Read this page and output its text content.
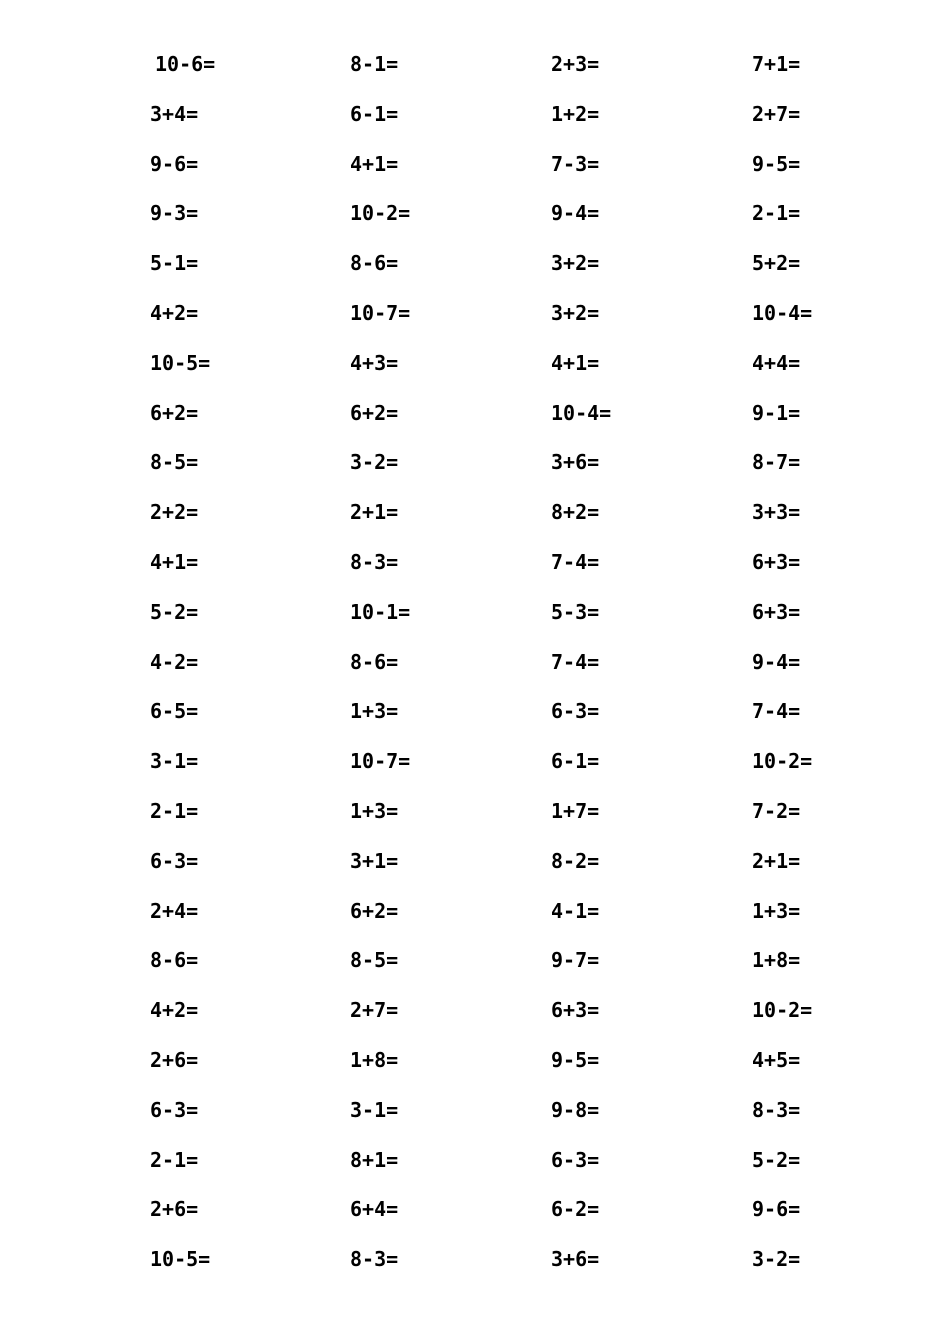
10-6=	8-1=	2+3=	7+1=
3+4=	6-1=	1+2=	2+7=
9-6=	4+1=	7-3=	9-5=
9-3=	10-2=	9-4=	2-1=
5-1=	8-6=	3+2=	5+2=
4+2=	10-7=	3+2=	10-4=
10-5=	4+3=	4+1=	4+4=
6+2=	6+2=	10-4=	9-1=
8-5=	3-2=	3+6=	8-7=
2+2=	2+1=	8+2=	3+3=
4+1=	8-3=	7-4=	6+3=
5-2=	10-1=	5-3=	6+3=
4-2=	8-6=	7-4=	9-4=
6-5=	1+3=	6-3=	7-4=
3-1=	10-7=	6-1=	10-2=
2-1=	1+3=	1+7=	7-2=
6-3=	3+1=	8-2=	2+1=
2+4=	6+2=	4-1=	1+3=
8-6=	8-5=	9-7=	1+8=
4+2=	2+7=	6+3=	10-2=
2+6=	1+8=	9-5=	4+5=
6-3=	3-1=	9-8=	8-3=
2-1=	8+1=	6-3=	5-2=
2+6=	6+4=	6-2=	9-6=
10-5=	8-3=	3+6=	3-2=
